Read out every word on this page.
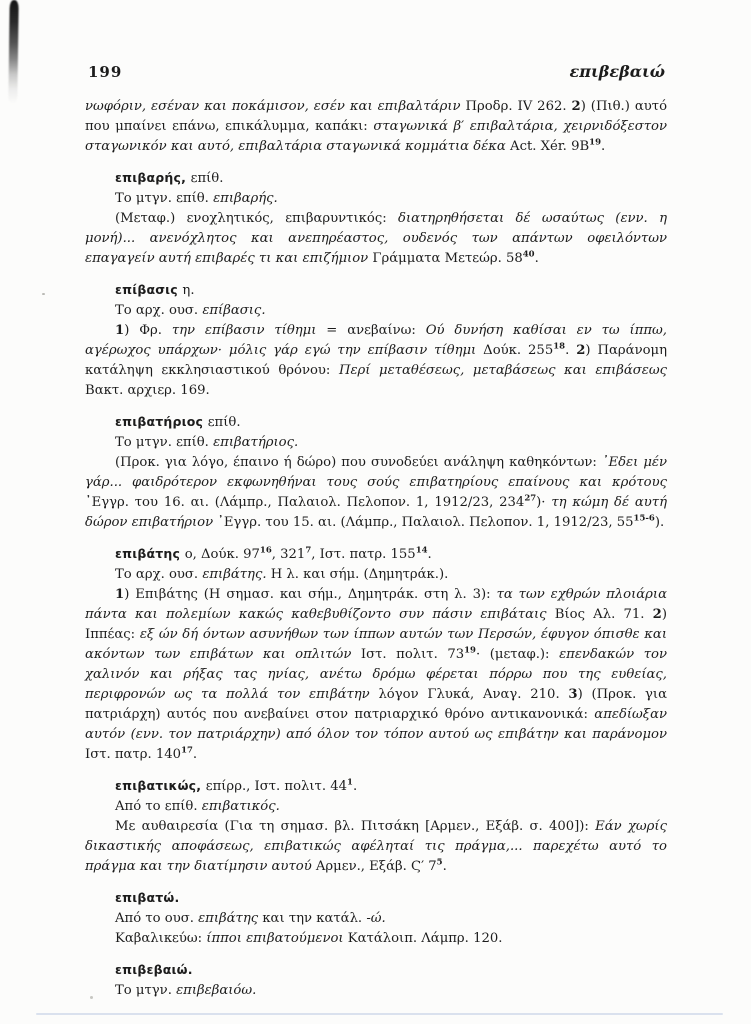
199	επιβεβαιώ

νωφόριν, εσέναν και ποκάμισον, εσέν και επιβαλτάριν Προδρ. IV 262. 2) (Πιθ.) αυτό που μπαίνει επάνω, επικάλυμμα, καπάκι: σταγωνικά β′ επιβαλτάρια, χειρνιδόξεστον σταγωνικόν και αυτό, επιβαλτάρια σταγωνικά κομμάτια δέκα Act. Xér. $9B^{19}$.

επιβαρής, επίθ.

Το μτγν. επίθ. επιβαρής.

(Μεταφ.) ενοχλητικός, επιβαρυντικός: διατηρηθήσεται δέ ωσαύτως (ενν. η μονή)... ανενόχλητος και ανεπηρέαστος, ουδενός των απάντων οφειλόντων επαγαγείν αυτή επιβαρές τι και επιζήμιον Γράμματα Μετεώρ. $58^{40}$.

επίβασις η.

Το αρχ. ουσ. επίβασις.

1) Φρ. την επίβασιν τίθημι = ανεβαίνω: Ού δυνήση καθίσαι εν τω ίππω, αγέρωχος υπάρχων· μόλις γάρ εγώ την επίβασιν τίθημι Δούκ. $255^{18}$. 2) Παράνομη κατάληψη εκκλησιαστικού θρόνου: Περί μεταθέσεως, μεταβάσεως και επιβάσεως Βακτ. αρχιερ. 169.

επιβατήριος επίθ.

Το μτγν. επίθ. επιβατήριος.

(Προκ. για λόγο, έπαινο ή δώρο) που συνοδεύει ανάληψη καθηκόντων: ᾿Εδει μέν γάρ... φαιδρότερον εκφωνηθήναι τους σούς επιβατηρίους επαίνους και κρότους ᾿Εγγρ. του 16. αι. (Λάμπρ., Παλαιολ. Πελοπον. 1, 1912/23, $234^{27})\cdot \tau\eta$ κώμη δέ αυτή δώρον επιβατήριον ᾿Εγγρ. του 15. αι. (Λάμπρ., Παλαιολ. Πελοπον. 1, 1912/23, 55$^{15-6}$).

επιβάτης ο, Δούκ. $97^{16}$, $321^7$, Ιστ. πατρ. $155^{14}$.

Το αρχ. ουσ. επιβάτης. Η λ. και σήμ. (Δημητράκ.).

1) Επιβάτης (Η σημασ. και σήμ., Δημητράκ. στη λ. 3): τα των εχθρών πλοιάρια πάντα και πολεμίων κακώς καθεβυθίζοντο συν πάσιν επιβάταις Βίος Αλ. 71. 2) Ιππέας: εξ ών δή όντων ασυνήθων των ίππων αυτών των Περσών, έφυγον όπισθε και ακόντων των επιβάτων και οπλιτών Ιστ. πολιτ. $73^{19}\cdot (\mu\varepsilon\tau\alpha\varphi.)$: επενδακών τον χαλινόν και ρήξας τας ηνίας, ανέτω δρόμω φέρεται πόρρω που της ευθείας, περιφρονών ως τα πολλά τον επιβάτην λόγον Γλυκά, Αναγ. 210. 3) (Προκ. για πατριάρχη) αυτός που ανεβαίνει στον πατριαρχικό θρόνο αντικανονικά: απεδίωξαν αυτόν (ενν. τον πατριάρχην) από όλον τον τόπον αυτού ως επιβάτην και παράνομον Ιστ. πατρ. $140^{17}$.

επιβατικώς, επίρρ., Ιστ. πολιτ. $44^1$.

Από το επίθ. επιβατικός.

Με αυθαιρεσία (Για τη σημασ. βλ. Πιτσάκη [Αρμεν., Εξάβ. σ. 400]): Εάν χωρίς δικαστικής αποφάσεως, επιβατικώς αφέληταί τις πράγμα,... παρεχέτω αυτό το πράγμα και την διατίμησιν αυτού Αρμεν., Εξάβ. Ϛ′ $7^5$.

επιβατώ.

Από το ουσ. επιβάτης και την κατάλ. -ώ.

Καβαλικεύω: ίπποι επιβατούμενοι Κατάλοιπ. Λάμπρ. 120.

επιβεβαιώ.

Το μτγν. επιβεβαιόω.
